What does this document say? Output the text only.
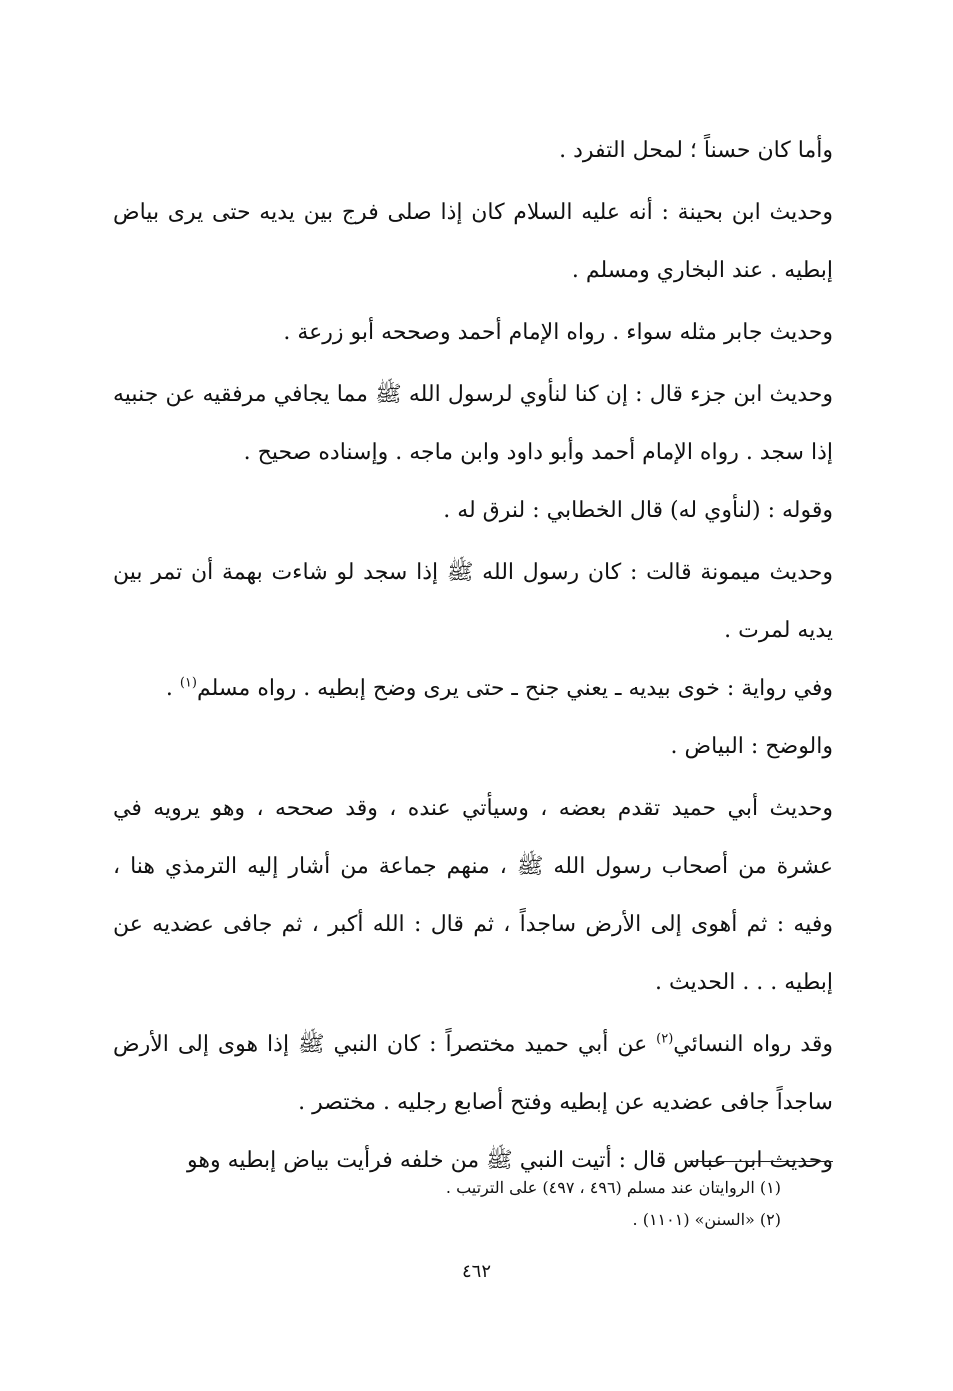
وأما كان حسناً ؛ لمحل التفرد .

وحديث ابن بحينة : أنه عليه السلام كان إذا صلى فرج بين يديه حتى يرى بياض إبطيه . عند البخاري ومسلم .

وحديث جابر مثله سواء . رواه الإمام أحمد وصححه أبو زرعة .

وحديث ابن جزء قال : إن كنا لنأوي لرسول الله ﷺ مما يجافي مرفقيه عن جنبيه إذا سجد . رواه الإمام أحمد وأبو داود وابن ماجه . وإسناده صحيح .

وقوله : (لنأوي له) قال الخطابي : لنرق له .

وحديث ميمونة قالت : كان رسول الله ﷺ إذا سجد لو شاءت بهمة أن تمر بين يديه لمرت .

وفي رواية : خوى بيديه ـ يعني جنح ـ حتى يرى وضح إبطيه . رواه مسلم$^{(١)}$ .

والوضح : البياض .

وحديث أبي حميد تقدم بعضه ، وسيأتي عنده ، وقد صححه ، وهو يرويه في عشرة من أصحاب رسول الله ﷺ ، منهم جماعة من أشار إليه الترمذي هنا ، وفيه : ثم أهوى إلى الأرض ساجداً ، ثم قال : الله أكبر ، ثم جافى عضديه عن إبطيه . . . الحديث .

وقد رواه النسائي$^{(٢)}$ عن أبي حميد مختصراً : كان النبي ﷺ إذا هوى إلى الأرض ساجداً جافى عضديه عن إبطيه وفتح أصابع رجليه . مختصر .

وحديث ابن عباس قال : أتيت النبي ﷺ من خلفه فرأيت بياض إبطيه وهو

(١) الروايتان عند مسلم (٤٩٦ ، ٤٩٧) على الترتيب .

(٢) «السنن» (١١٠١) .

٤٦٢
